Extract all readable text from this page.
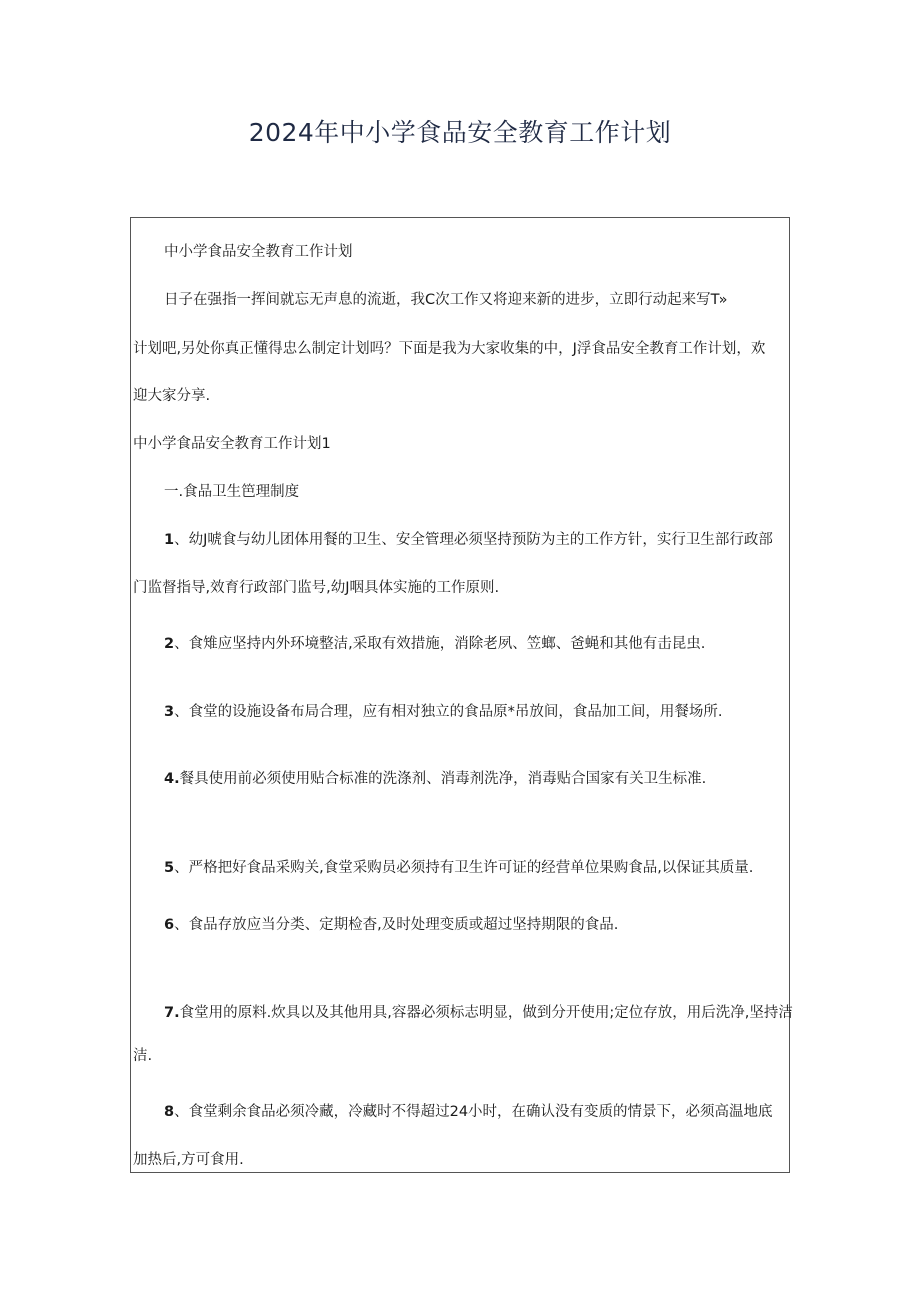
2024年中小学食品安全教育工作计划
中小学食品安全教育工作计划
日子在强指一挥间就忘无声息的流逝，我C次工作又将迎来新的进步，立即行动起来写T»
计划吧,另处你真正懂得忠么制定计划吗？下面是我为大家收集的中，J浮食品安全教育工作计划，欢
迎大家分享.
中小学食品安全教育工作计划1
一.食品卫生笆理制度
1、幼J唬食与幼儿团体用餐的卫生、安全管理必须坚持预防为主的工作方针，实行卫生部行政部
门监督指导,效育行政部门监号,幼J咽具体实施的工作原则.
2、食雉应坚持内外环境整洁,采取有效措施，消除老夙、笠螂、爸蝇和其他有击昆虫.
3、食堂的设施设备布局合理，应有相对独立的食品原*吊放间，食品加工间，用餐场所.
4.餐具使用前必须使用贴合标准的洗涤剂、消毒剂洗净，消毒贴合国家有关卫生标准.
5、严格把好食品采购关,食堂采购员必须持有卫生许可证的经营单位果购食品,以保证其质量.
6、食品存放应当分类、定期检杳,及时处理变质或超过坚持期限的食品.
7.食堂用的原料.炊具以及其他用具,容器必须标志明显，做到分开使用;定位存放，用后洗净,坚持洁
洁.
8、食堂剩余食品必须冷藏，冷藏时不得超过24小时，在确认没有变质的情景下，必须高温地底
加热后,方可食用.
